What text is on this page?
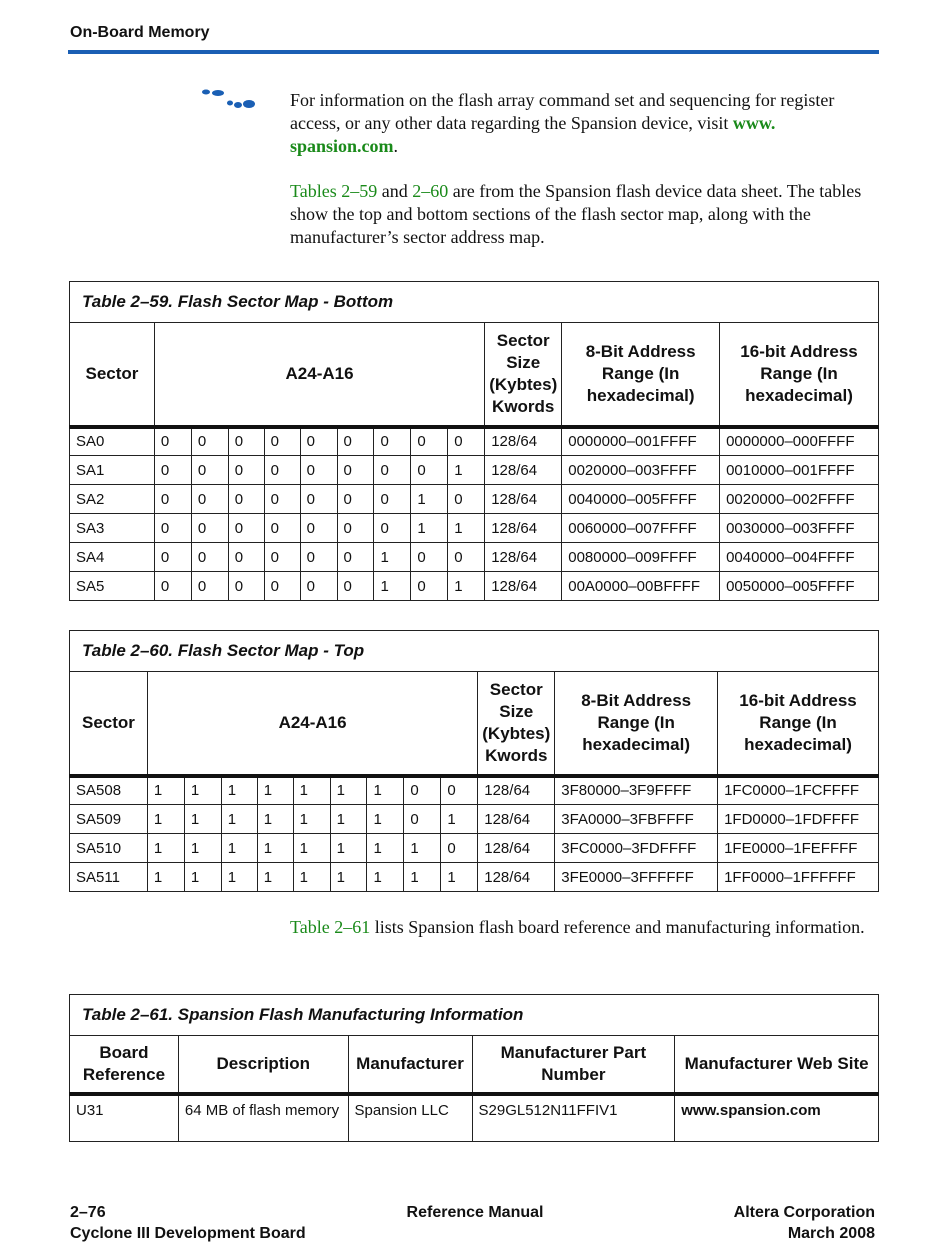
On-Board Memory
For information on the flash array command set and sequencing for register access, or any other data regarding the Spansion device, visit www. spansion.com.
Tables 2–59 and 2–60 are from the Spansion flash device data sheet. The tables show the top and bottom sections of the flash sector map, along with the manufacturer’s sector address map.
Table 2–59. Flash Sector Map - Bottom												
Sector	A24-A16									Sector Size (Kybtes) Kwords	8-Bit Address Range (In hexadecimal)	16-bit Address Range (In hexadecimal)
SA0	0	0	0	0	0	0	0	0	0	128/64	0000000–001FFFF	0000000–000FFFF
SA1	0	0	0	0	0	0	0	0	1	128/64	0020000–003FFFF	0010000–001FFFF
SA2	0	0	0	0	0	0	0	1	0	128/64	0040000–005FFFF	0020000–002FFFF
SA3	0	0	0	0	0	0	0	1	1	128/64	0060000–007FFFF	0030000–003FFFF
SA4	0	0	0	0	0	0	1	0	0	128/64	0080000–009FFFF	0040000–004FFFF
SA5	0	0	0	0	0	0	1	0	1	128/64	00A0000–00BFFFF	0050000–005FFFF
Table 2–60. Flash Sector Map - Top												
Sector	A24-A16									Sector Size (Kybtes) Kwords	8-Bit Address Range (In hexadecimal)	16-bit Address Range (In hexadecimal)
SA508	1	1	1	1	1	1	1	0	0	128/64	3F80000–3F9FFFF	1FC0000–1FCFFFF
SA509	1	1	1	1	1	1	1	0	1	128/64	3FA0000–3FBFFFF	1FD0000–1FDFFFF
SA510	1	1	1	1	1	1	1	1	0	128/64	3FC0000–3FDFFFF	1FE0000–1FEFFFF
SA511	1	1	1	1	1	1	1	1	1	128/64	3FE0000–3FFFFFF	1FF0000–1FFFFFF
Table 2–61 lists Spansion flash board reference and manufacturing information.
Table 2–61. Spansion Flash Manufacturing Information				
Board Reference	Description	Manufacturer	Manufacturer Part Number	Manufacturer Web Site
U31	64 MB of flash memory	Spansion LLC	S29GL512N11FFIV1	www.spansion.com
2–76
Cyclone III Development Board
Reference Manual	Altera Corporation
March 2008
